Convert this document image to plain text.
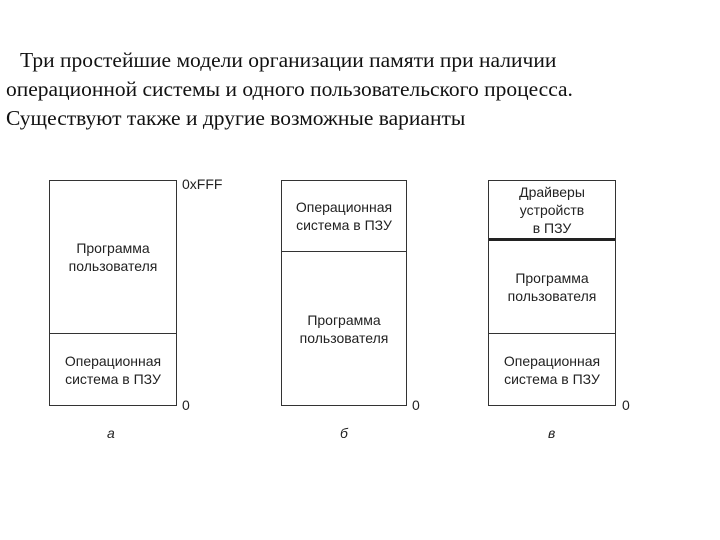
Три простейшие модели организации памяти при наличии
операционной системы и одного пользовательского процесса.
Существуют также и другие возможные варианты
Программа
пользователя
Операционная
система в ПЗУ
0xFFF
0
а
Операционная
система в ПЗУ
Программа
пользователя
0
б
Драйверы
устройств
в ПЗУ
Программа
пользователя
Операционная
система в ПЗУ
0
в
